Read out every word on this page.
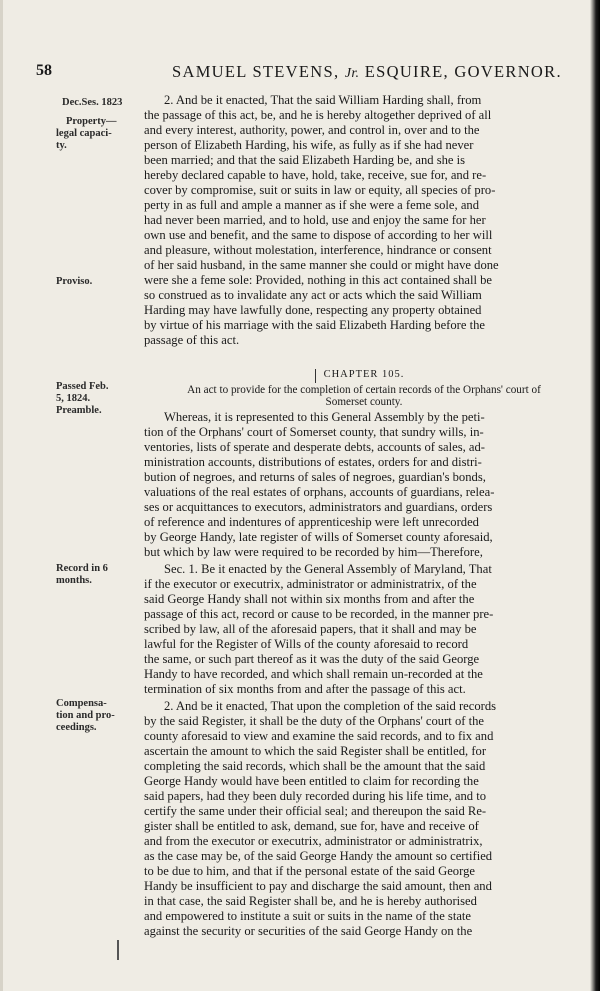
58	SAMUEL STEVENS, Jr. ESQUIRE, GOVERNOR.
Dec.Ses. 1823
Property—
legal capaci-
ty.
Proviso.
Passed Feb.
5, 1824.
Preamble.
Record in 6
months.
Compensa-
tion and pro-
ceedings.
2. And be it enacted, That the said William Harding shall, from
the passage of this act, be, and he is hereby altogether deprived of all
and every interest, authority, power, and control in, over and to the
person of Elizabeth Harding, his wife, as fully as if she had never
been married; and that the said Elizabeth Harding be, and she is
hereby declared capable to have, hold, take, receive, sue for, and re-
cover by compromise, suit or suits in law or equity, all species of pro-
perty in as full and ample a manner as if she were a feme sole, and
had never been married, and to hold, use and enjoy the same for her
own use and benefit, and the same to dispose of according to her will
and pleasure, without molestation, interference, hindrance or consent
of her said husband, in the same manner she could or might have done
were she a feme sole: Provided, nothing in this act contained shall be
so construed as to invalidate any act or acts which the said William
Harding may have lawfully done, respecting any property obtained
by virtue of his marriage with the said Elizabeth Harding before the
passage of this act.
CHAPTER 105.
An act to provide for the completion of certain records of the Orphans' court of
Somerset county.
Whereas, it is represented to this General Assembly by the peti-
tion of the Orphans' court of Somerset county, that sundry wills, in-
ventories, lists of sperate and desperate debts, accounts of sales, ad-
ministration accounts, distributions of estates, orders for and distri-
bution of negroes, and returns of sales of negroes, guardian's bonds,
valuations of the real estates of orphans, accounts of guardians, relea-
ses or acquittances to executors, administrators and guardians, orders
of reference and indentures of apprenticeship were left unrecorded
by George Handy, late register of wills of Somerset county aforesaid,
but which by law were required to be recorded by him—Therefore,
Sec. 1. Be it enacted by the General Assembly of Maryland, That
if the executor or executrix, administrator or administratrix, of the
said George Handy shall not within six months from and after the
passage of this act, record or cause to be recorded, in the manner pre-
scribed by law, all of the aforesaid papers, that it shall and may be
lawful for the Register of Wills of the county aforesaid to record
the same, or such part thereof as it was the duty of the said George
Handy to have recorded, and which shall remain un-recorded at the
termination of six months from and after the passage of this act.
2. And be it enacted, That upon the completion of the said records
by the said Register, it shall be the duty of the Orphans' court of the
county aforesaid to view and examine the said records, and to fix and
ascertain the amount to which the said Register shall be entitled, for
completing the said records, which shall be the amount that the said
George Handy would have been entitled to claim for recording the
said papers, had they been duly recorded during his life time, and to
certify the same under their official seal; and thereupon the said Re-
gister shall be entitled to ask, demand, sue for, have and receive of
and from the executor or executrix, administrator or administratrix,
as the case may be, of the said George Handy the amount so certified
to be due to him, and that if the personal estate of the said George
Handy be insufficient to pay and discharge the said amount, then and
in that case, the said Register shall be, and he is hereby authorised
and empowered to institute a suit or suits in the name of the state
against the security or securities of the said George Handy on the
